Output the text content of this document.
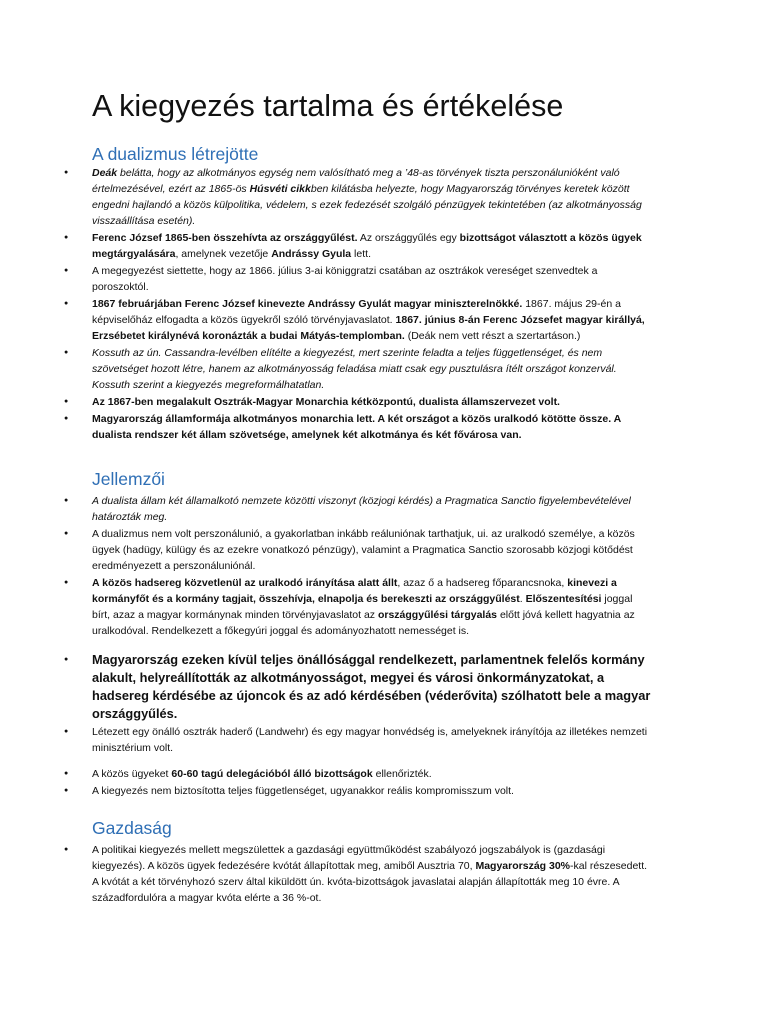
A kiegyezés tartalma és értékelése
A dualizmus létrejötte
● Deák belátta, hogy az alkotmányos egység nem valósítható meg a ’48-as törvények tiszta perszonálunióként való értelmezésével, ezért az 1865-ös Húsvéti cikkben kilátásba helyezte, hogy Magyarország törvényes keretek között engedni hajlandó a közös külpolitika, védelem, s ezek fedezését szolgáló pénzügyek tekintetében (az alkotmányosság visszaállítása esetén).
● Ferenc József 1865-ben összehívta az országgyűlést. Az országgyűlés egy bizottságot választott a közös ügyek megtárgyalására, amelynek vezetője Andrássy Gyula lett.
● A megegyezést siettette, hogy az 1866. július 3-ai königgratzi csatában az osztrákok vereséget szenvedtek a poroszoktól.
● 1867 februárjában Ferenc József kinevezte Andrássy Gyulát magyar miniszterelnökké. 1867. május 29-én a képviselőház elfogadta a közös ügyekről szóló törvényjavaslatot. 1867. június 8-án Ferenc Józsefet magyar királlyá, Erzsébetet királynévá koronázták a budai Mátyás-templomban. (Deák nem vett részt a szertartáson.)
● Kossuth az ún. Cassandra-levélben elítélte a kiegyezést, mert szerinte feladta a teljes függetlenséget, és nem szövetséget hozott létre, hanem az alkotmányosság feladása miatt csak egy pusztulásra ítélt országot konzervál. Kossuth szerint a kiegyezés megreformálhatatlan.
● Az 1867-ben megalakult Osztrák-Magyar Monarchia kétközpontú, dualista államszervezet volt.
● Magyarország államformája alkotmányos monarchia lett. A két országot a közös uralkodó kötötte össze. A dualista rendszer két állam szövetsége, amelynek két alkotmánya és két fővárosa van.
Jellemzői
● A dualista állam két államalkotó nemzete közötti viszonyt (közjogi kérdés) a Pragmatica Sanctio figyelembevételével határozták meg.
● A dualizmus nem volt perszonálunió, a gyakorlatban inkább reáluniónak tarthatjuk, ui. az uralkodó személye, a közös ügyek (hadügy, külügy és az ezekre vonatkozó pénzügy), valamint a Pragmatica Sanctio szorosabb közjogi kötődést eredményezett a perszonáluniónál.
● A közös hadsereg közvetlenül az uralkodó irányítása alatt állt, azaz ő a hadsereg főparancsnoka, kinevezi a kormányfőt és a kormány tagjait, összehívja, elnapolja és berekeszti az országgyűlést. Előszentesítési joggal bírt, azaz a magyar kormánynak minden törvényjavaslatot az országgyűlési tárgyalás előtt jóvá kellett hagyatnia az uralkodóval. Rendelkezett a főkegyúri joggal és adományozhatott nemességet is.
● Magyarország ezeken kívül teljes önállósággal rendelkezett, parlamentnek felelős kormány alakult, helyreállították az alkotmányosságot, megyei és városi önkormányzatokat, a hadsereg kérdésébe az újoncok és az adó kérdésében (véderővita) szólhatott bele a magyar országgyűlés.
● Létezett egy önálló osztrák haderő (Landwehr) és egy magyar honvédség is, amelyeknek irányítója az illetékes nemzeti minisztérium volt.
● A közös ügyeket 60-60 tagú delegációból álló bizottságok ellenőrizték.
● A kiegyezés nem biztosította teljes függetlenséget, ugyanakkor reális kompromisszum volt.
Gazdaság
● A politikai kiegyezés mellett megszülettek a gazdasági együttműködést szabályozó jogszabályok is (gazdasági kiegyezés). A közös ügyek fedezésére kvótát állapítottak meg, amiből Ausztria 70, Magyarország 30%-kal részesedett. A kvótát a két törvényhozó szerv által kiküldött ún. kvóta-bizottságok javaslatai alapján állapították meg 10 évre. A századfordulóra a magyar kvóta elérte a 36 %-ot.
